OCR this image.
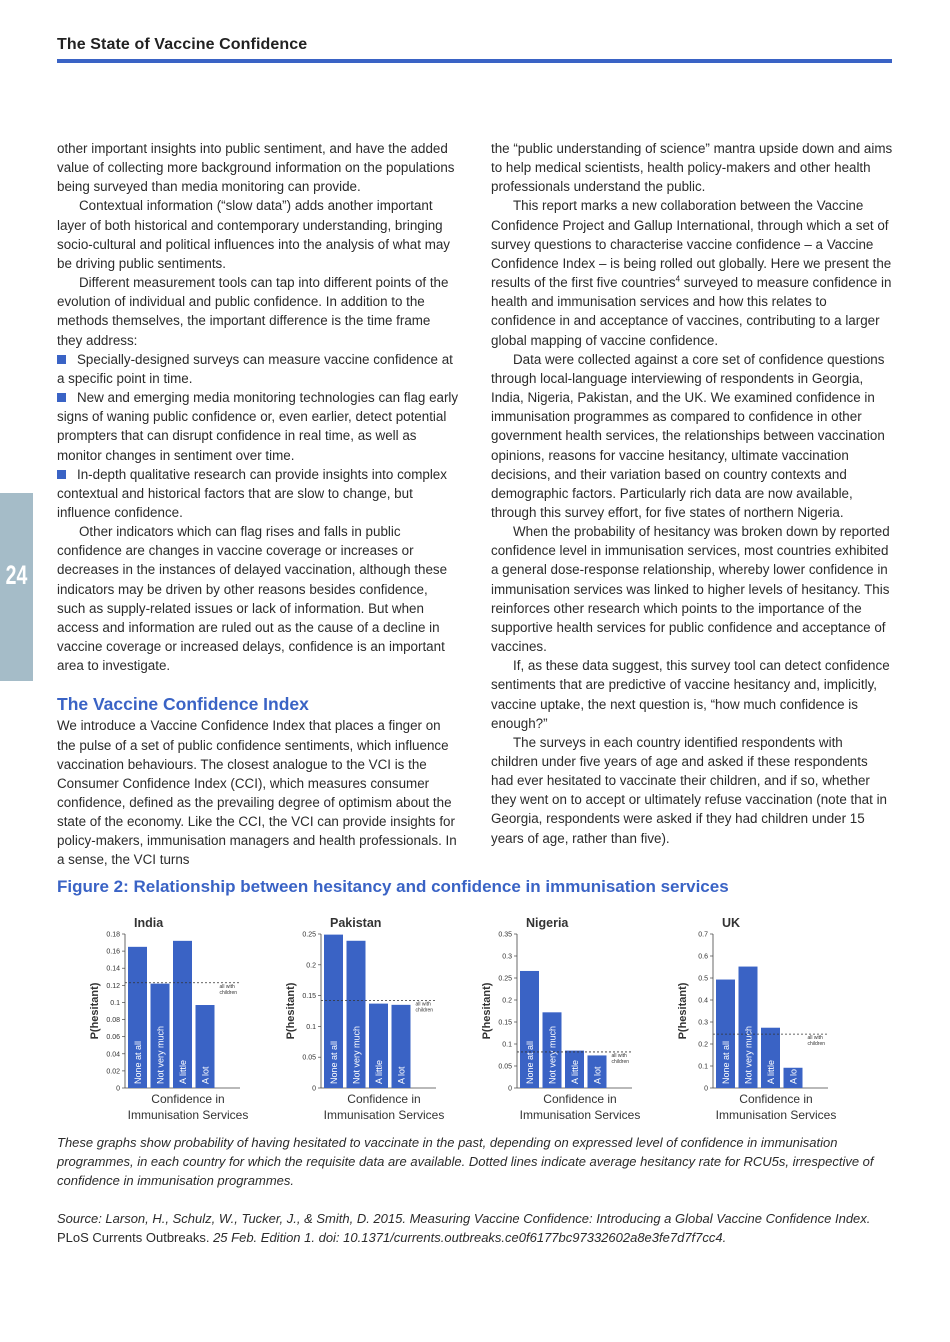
The State of Vaccine Confidence
24

other important insights into public sentiment, and have the added value of collecting more background information on the populations being surveyed than media monitoring can provide.

Contextual information (“slow data”) adds another important layer of both historical and contemporary understanding, bringing socio-cultural and political influences into the analysis of what may be driving public sentiments.

Different measurement tools can tap into different points of the evolution of individual and public confidence. In addition to the methods themselves, the important difference is the time frame they address:

Specially-designed surveys can measure vaccine confidence at a specific point in time.

New and emerging media monitoring technologies can flag early signs of waning public confidence or, even earlier, detect potential prompters that can disrupt confidence in real time, as well as monitor changes in sentiment over time.

In-depth qualitative research can provide insights into complex contextual and historical factors that are slow to change, but influence confidence.

Other indicators which can flag rises and falls in public confidence are changes in vaccine coverage or increases or decreases in the instances of delayed vaccination, although these indicators may be driven by other reasons besides confidence, such as supply-related issues or lack of information. But when access and information are ruled out as the cause of a decline in vaccine coverage or increased delays, confidence is an important area to investigate.

The Vaccine Confidence Index

We introduce a Vaccine Confidence Index that places a finger on the pulse of a set of public confidence sentiments, which influence vaccination behaviours. The closest analogue to the VCI is the Consumer Confidence Index (CCI), which measures consumer confidence, defined as the prevailing degree of optimism about the state of the economy. Like the CCI, the VCI can provide insights for policy-makers, immunisation managers and health professionals. In a sense, the VCI turns

the “public understanding of science” mantra upside down and aims to help medical scientists, health policy-makers and other health professionals understand the public.

This report marks a new collaboration between the Vaccine Confidence Project and Gallup International, through which a set of survey questions to characterise vaccine confidence – a Vaccine Confidence Index – is being rolled out globally. Here we present the results of the first five countries$^4$ surveyed to measure confidence in health and immunisation services and how this relates to confidence in and acceptance of vaccines, contributing to a larger global mapping of vaccine confidence.

Data were collected against a core set of confidence questions through local-language interviewing of respondents in Georgia, India, Nigeria, Pakistan, and the UK. We examined confidence in immunisation programmes as compared to confidence in other government health services, the relationships between vaccination opinions, reasons for vaccine hesitancy, ultimate vaccination decisions, and their variation based on country contexts and demographic factors. Particularly rich data are now available, through this survey effort, for five states of northern Nigeria.

When the probability of hesitancy was broken down by reported confidence level in immunisation services, most countries exhibited a general dose-response relationship, whereby lower confidence in immunisation services was linked to higher levels of hesitancy. This reinforces other research which points to the importance of the supportive health services for public confidence and acceptance of vaccines.

If, as these data suggest, this survey tool can detect confidence sentiments that are predictive of vaccine hesitancy and, implicitly, vaccine uptake, the next question is, “how much confidence is enough?”

The surveys in each country identified respondents with children under five years of age and asked if these respondents had ever hesitated to vaccinate their children, and if so, whether they went on to accept or ultimately refuse vaccination (note that in Georgia, respondents were asked if they had children under 15 years of age, rather than five).

Figure 2: Relationship between hesitancy and confidence in immunisation services
India
0
0.02
0.04
0.06
0.08
0.1
0.12
0.14
0.16
0.18
P(hesitant)
None at all Not very much A little A lot
all with
children
Confidence in
Immunisation Services
Pakistan
0
0.05
0.1
0.15
0.2
0.25
P(hesitant)
None at all Not very much A little A lot
all with
children
Confidence in
Immunisation Services
Nigeria
0
0.05
0.1
0.15
0.2
0.25
0.3
0.35
P(hesitant)
None at all Not very much A little A lot
all with
children
Confidence in
Immunisation Services
UK
0
0.1
0.2
0.3
0.4
0.5
0.6
0.7
P(hesitant)
None at all Not very much A little A lo
all with
children
Confidence in
Immunisation Services
These graphs show probability of having hesitated to vaccinate in the past, depending on expressed level of confidence in immunisation programmes, in each country for which the requisite data are available. Dotted lines indicate average hesitancy rate for RCU5s, irrespective of confidence in immunisation programmes.
Source: Larson, H., Schulz, W., Tucker, J., & Smith, D. 2015. Measuring Vaccine Confidence: Introducing a Global Vaccine Confidence Index. PLoS Currents Outbreaks. 25 Feb. Edition 1. doi: 10.1371/currents.outbreaks.ce0f6177bc97332602a8e3fe7d7f7cc4.
